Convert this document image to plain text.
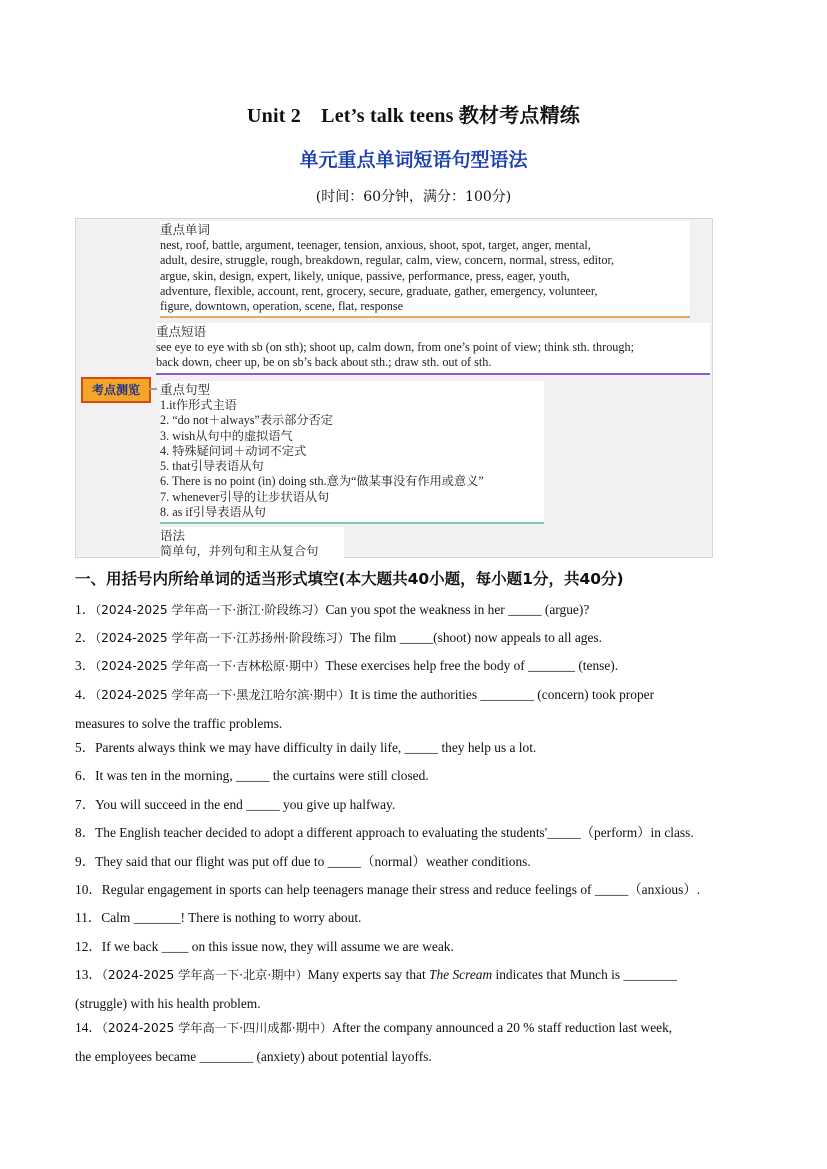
Unit 2　Let’s talk teens 教材考点精练
单元重点单词短语句型语法
(时间：60分钟，满分：100分)
考点测览
重点单词
nest, roof, battle, argument, teenager, tension, anxious, shoot, spot, target, anger, mental,
adult, desire, struggle, rough, breakdown, regular, calm, view, concern, normal, stress, editor,
argue, skin, design, expert, likely, unique, passive, performance, press, eager, youth,
adventure, flexible, account, rent, grocery, secure, graduate, gather, emergency, volunteer,
figure, downtown, operation, scene, flat, response
重点短语
see eye to eye with sb (on sth); shoot up, calm down, from one’s point of view; think sth. through;
back down, cheer up, be on sb’s back about sth.; draw sth. out of sth.
重点句型
1.it作形式主语
2. “do not＋always”表示部分否定
3. wish从句中的虚拟语气
4. 特殊疑问词＋动词不定式
5. that引导表语从句
6. There is no point (in) doing sth.意为“做某事没有作用或意义”
7. whenever引导的让步状语从句
8. as if引导表语从句
语法
简单句，并列句和主从复合句
一、用括号内所给单词的适当形式填空(本大题共40小题，每小题1分，共40分)
1．（2024-2025 学年高一下·浙江·阶段练习）Can you spot the weakness in her _____ (argue)?
2．（2024-2025 学年高一下·江苏扬州·阶段练习）The film _____(shoot) now appeals to all ages.
3．（2024-2025 学年高一下·吉林松原·期中）These exercises help free the body of _______ (tense).
4．（2024-2025 学年高一下·黑龙江哈尔滨·期中）It is time the authorities ________ (concern) took proper
measures to solve the traffic problems.
5．Parents always think we may have difficulty in daily life, _____ they help us a lot.
6．It was ten in the morning, _____ the curtains were still closed.
7．You will succeed in the end _____ you give up halfway.
8．The English teacher decided to adopt a different approach to evaluating the students'_____（perform）in class.
9．They said that our flight was put off due to _____（normal）weather conditions.
10．Regular engagement in sports can help teenagers manage their stress and reduce feelings of _____（anxious）.
11．Calm _______! There is nothing to worry about.
12．If we back ____ on this issue now, they will assume we are weak.
13．（2024-2025 学年高一下·北京·期中）Many experts say that The Scream indicates that Munch is ________
(struggle) with his health problem.
14．（2024-2025 学年高一下·四川成都·期中）After the company announced a 20 % staff reduction last week,
the employees became ________ (anxiety) about potential layoffs.
